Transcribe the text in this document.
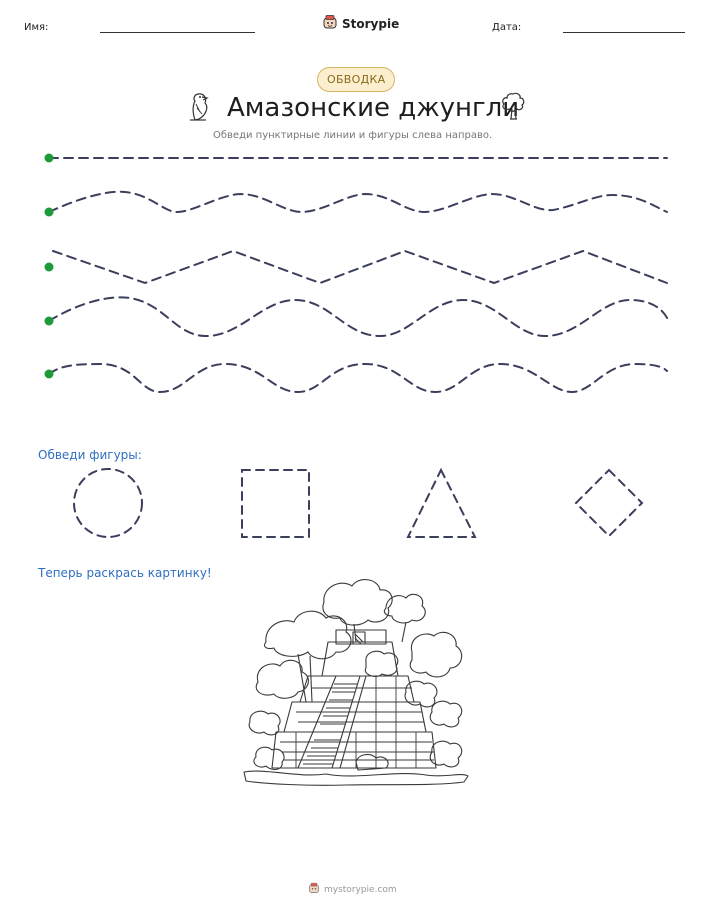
Имя:	Storypie	Дата:
ОБВОДКА
Амазонские джунгли
Обведи пунктирные линии и фигуры слева направо.
Обведи фигуры:
Теперь раскрась картинку!
mystorypie.com
